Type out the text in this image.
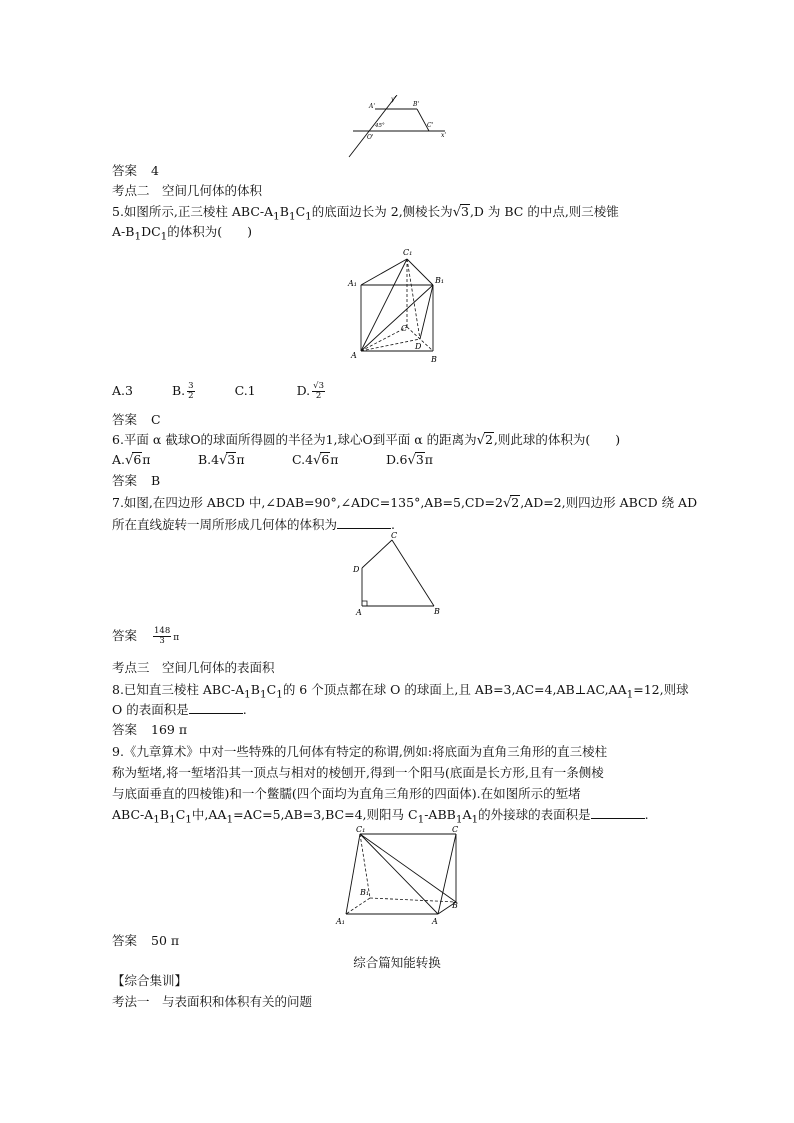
A'
y'
B'
45°	C'
O'	x'
答案 4
考点二　空间几何体的体积
5.如图所示,正三棱柱 ABC-$A_1B_1C_1$的底面边长为 2,侧棱长为√3,D 为 BC 的中点,则三棱锥
$A-B_1DC_1$的体积为(　　)
A₁
C₁
B₁
C
D
A	B
A.3	B. $\frac{3}{2}$	C.1	D. $\frac{√3}{2}$
答案 C
6.平面 α 截球O的球面所得圆的半径为1,球心O到平面 α 的距离为√2,则此球的体积为(　　)
A.√6π	B.4√3π	C.4√6π	D.6√3π
答案 B
7.如图,在四边形 ABCD 中,∠DAB=90°,∠ADC=135°,AB=5,CD=2√2,AD=2,则四边形 ABCD 绕 AD
所在直线旋转一周所形成几何体的体积为	.
C
D
A	B
答案 $\frac{148}{3}$ π
考点三　空间几何体的表面积
8.已知直三棱柱 ABC-$A_1B_1C_1$的 6 个顶点都在球 O 的球面上,且 $AB=3,AC=4,AB\perp AC,AA_1=12$,则球
O 的表面积是	.
答案 169 π
9.《九章算术》中对一些特殊的几何体有特定的称谓,例如:将底面为直角三角形的直三棱柱
称为堑堵,将一堑堵沿其一顶点与相对的棱刨开,得到一个阳马(底面是长方形,且有一条侧棱
与底面垂直的四棱锥)和一个鳖臑(四个面均为直角三角形的四面体).在如图所示的堑堵
ABC-$A_1B_1C_1$中$,AA_1=AC=5,AB=3,BC=4$,则阳马 $C_1-ABB_1A_1$的外接球的表面积是	.
C₁	C
B₁
B
A₁	A
答案 50 π
综合篇知能转换
【综合集训】
考法一　与表面积和体积有关的问题
